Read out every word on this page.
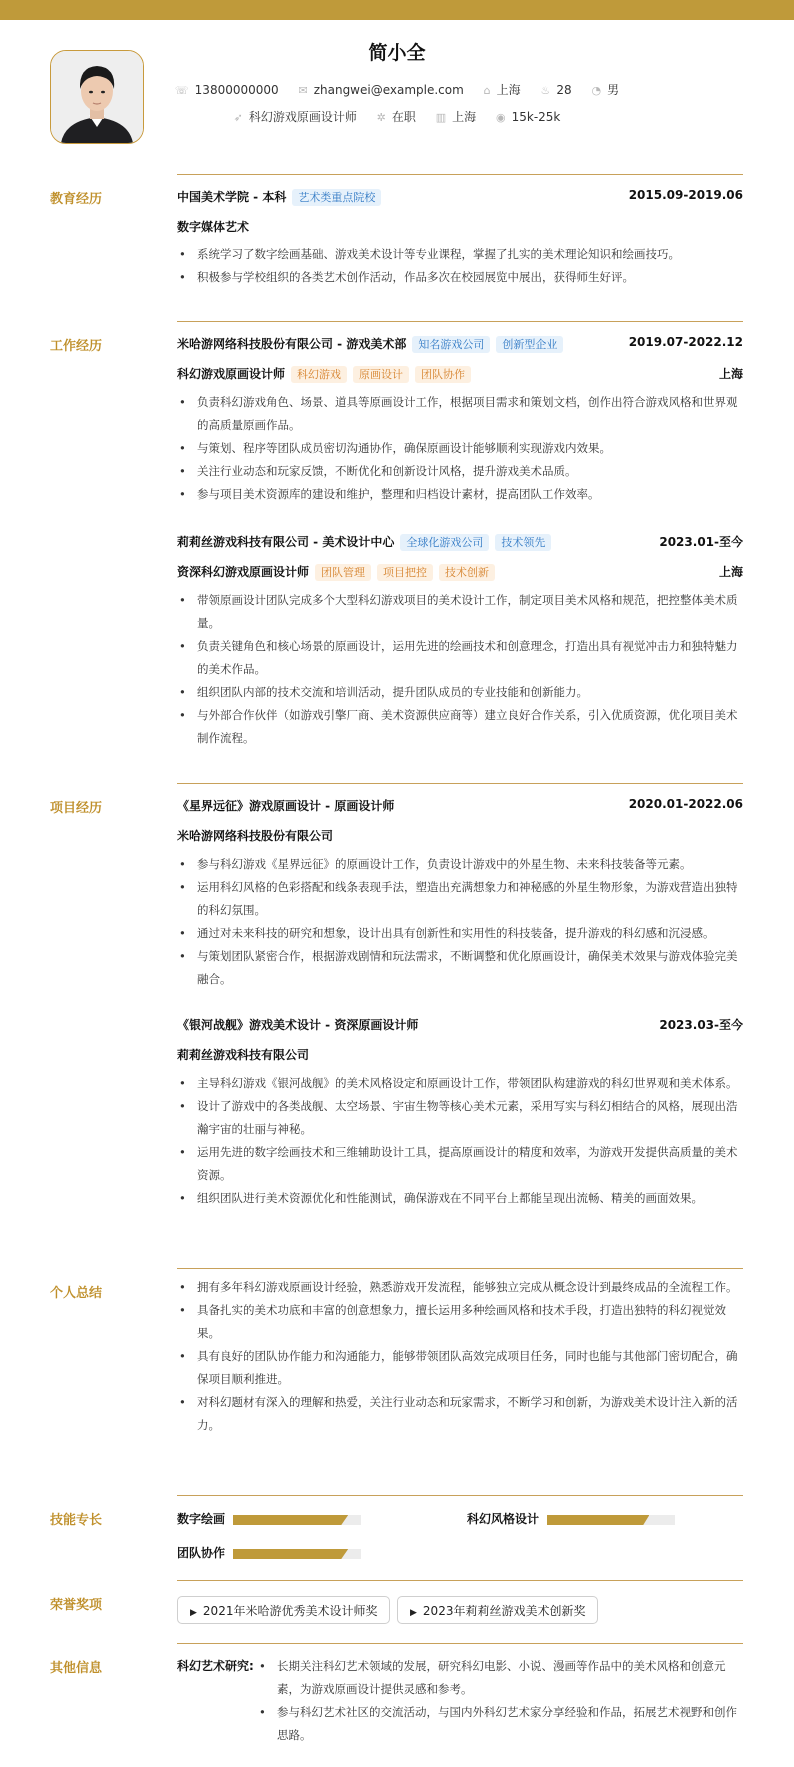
简小全
☏ 13800000000 ✉ zhangwei@example.com ⌂ 上海 ♨ 28 ◔ 男
➶ 科幻游戏原画设计师 ✲ 在职 ▥ 上海 ◉ 15k-25k
教育经历	中国美术学院 - 本科 艺术类重点院校	2015.09-2019.06
数字媒体艺术
• 系统学习了数字绘画基础、游戏美术设计等专业课程，掌握了扎实的美术理论知识和绘画技巧。
• 积极参与学校组织的各类艺术创作活动，作品多次在校园展览中展出，获得师生好评。
工作经历	米哈游网络科技股份有限公司 - 游戏美术部 知名游戏公司 创新型企业	2019.07-2022.12
科幻游戏原画设计师 科幻游戏 原画设计 团队协作	上海
• 负责科幻游戏角色、场景、道具等原画设计工作，根据项目需求和策划文档，创作出符合游戏风格和世界观的高质量原画作品。
• 与策划、程序等团队成员密切沟通协作，确保原画设计能够顺利实现游戏内效果。
• 关注行业动态和玩家反馈，不断优化和创新设计风格，提升游戏美术品质。
• 参与项目美术资源库的建设和维护，整理和归档设计素材，提高团队工作效率。
莉莉丝游戏科技有限公司 - 美术设计中心 全球化游戏公司 技术领先	2023.01-至今
资深科幻游戏原画设计师 团队管理 项目把控 技术创新	上海
• 带领原画设计团队完成多个大型科幻游戏项目的美术设计工作，制定项目美术风格和规范，把控整体美术质量。
• 负责关键角色和核心场景的原画设计，运用先进的绘画技术和创意理念，打造出具有视觉冲击力和独特魅力的美术作品。
• 组织团队内部的技术交流和培训活动，提升团队成员的专业技能和创新能力。
• 与外部合作伙伴（如游戏引擎厂商、美术资源供应商等）建立良好合作关系，引入优质资源，优化项目美术制作流程。
项目经历	《星界远征》游戏原画设计 - 原画设计师	2020.01-2022.06
米哈游网络科技股份有限公司
• 参与科幻游戏《星界远征》的原画设计工作，负责设计游戏中的外星生物、未来科技装备等元素。
• 运用科幻风格的色彩搭配和线条表现手法，塑造出充满想象力和神秘感的外星生物形象，为游戏营造出独特的科幻氛围。
• 通过对未来科技的研究和想象，设计出具有创新性和实用性的科技装备，提升游戏的科幻感和沉浸感。
• 与策划团队紧密合作，根据游戏剧情和玩法需求，不断调整和优化原画设计，确保美术效果与游戏体验完美融合。
《银河战舰》游戏美术设计 - 资深原画设计师	2023.03-至今
莉莉丝游戏科技有限公司
• 主导科幻游戏《银河战舰》的美术风格设定和原画设计工作，带领团队构建游戏的科幻世界观和美术体系。
• 设计了游戏中的各类战舰、太空场景、宇宙生物等核心美术元素，采用写实与科幻相结合的风格，展现出浩瀚宇宙的壮丽与神秘。
• 运用先进的数字绘画技术和三维辅助设计工具，提高原画设计的精度和效率，为游戏开发提供高质量的美术资源。
• 组织团队进行美术资源优化和性能测试，确保游戏在不同平台上都能呈现出流畅、精美的画面效果。
个人总结	• 拥有多年科幻游戏原画设计经验，熟悉游戏开发流程，能够独立完成从概念设计到最终成品的全流程工作。
• 具备扎实的美术功底和丰富的创意想象力，擅长运用多种绘画风格和技术手段，打造出独特的科幻视觉效果。
• 具有良好的团队协作能力和沟通能力，能够带领团队高效完成项目任务，同时也能与其他部门密切配合，确保项目顺利推进。
• 对科幻题材有深入的理解和热爱，关注行业动态和玩家需求，不断学习和创新，为游戏美术设计注入新的活力。
技能专长	数字绘画	科幻风格设计
团队协作
荣誉奖项	▶ 2021年米哈游优秀美术设计师奖	▶ 2023年莉莉丝游戏美术创新奖
其他信息	科幻艺术研究:	• 长期关注科幻艺术领域的发展，研究科幻电影、小说、漫画等作品中的美术风格和创意元素，为游戏原画设计提供灵感和参考。
• 参与科幻艺术社区的交流活动，与国内外科幻艺术家分享经验和作品，拓展艺术视野和创作思路。
